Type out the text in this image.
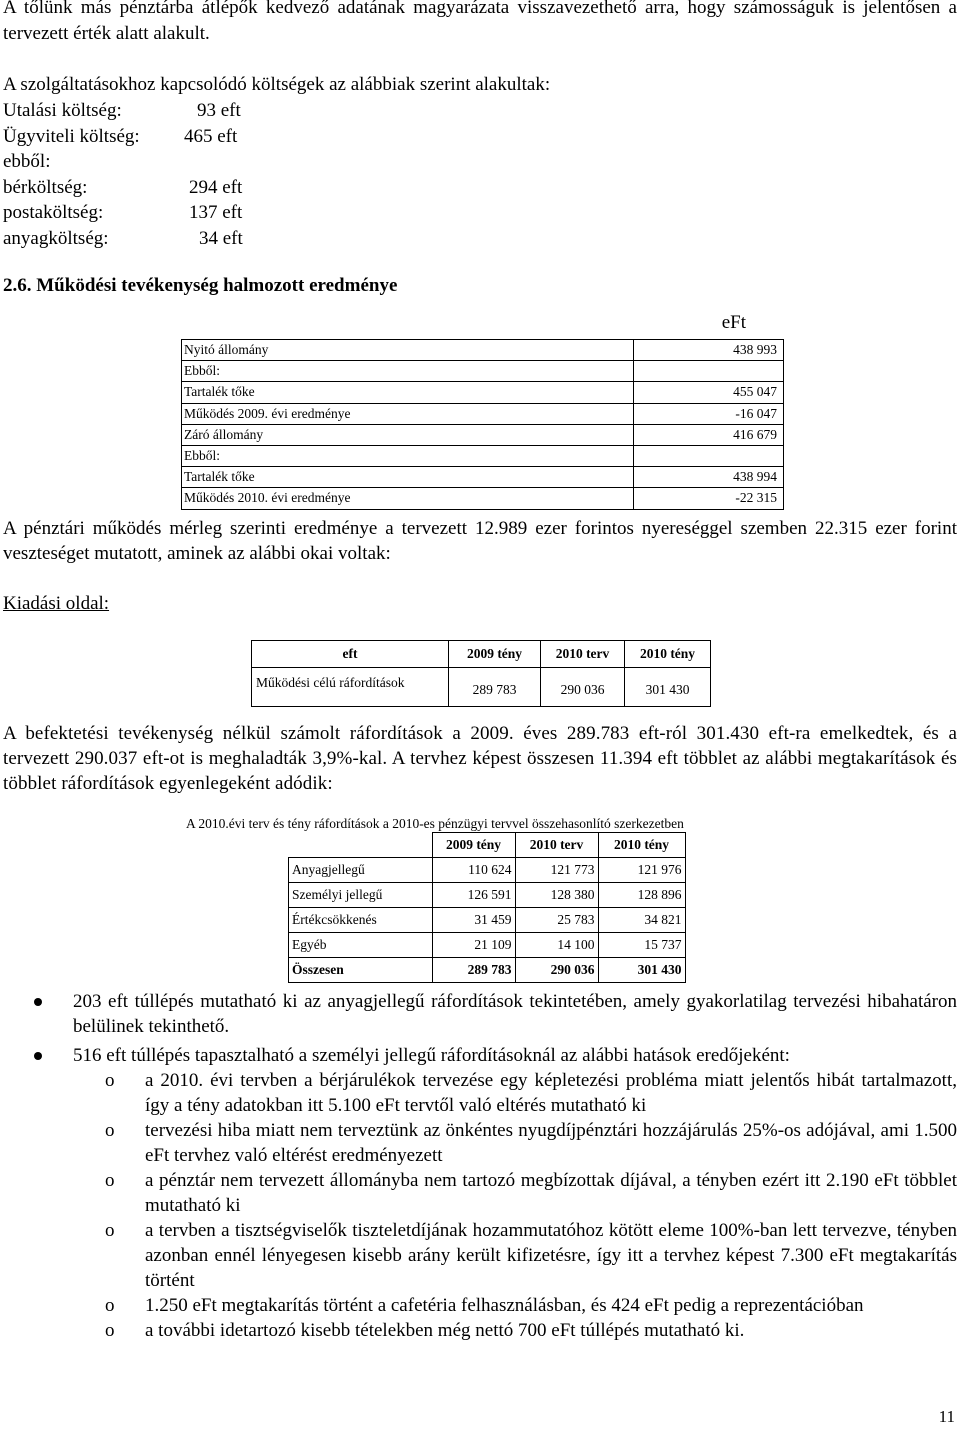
A tőlünk más pénztárba átlépők kedvező adatának magyarázata visszavezethető arra, hogy számosságuk is jelentősen a tervezett érték alatt alakult.

A szolgáltatásokhoz kapcsolódó költségek az alábbiak szerint alakultak:

Utalási költség:	93 eft
Ügyviteli költség: 465 eft
ebből:
bérköltség:	294 eft
postaköltség:	137 eft
anyagköltség:	34 eft
2.6. Működési tevékenység halmozott eredménye
eFt
Nyitó állomány	438 993
Ebből:
Tartalék tőke	455 047
Működés 2009. évi eredménye	-16 047
Záró állomány	416 679
Ebből:
Tartalék tőke	438 994
Működés 2010. évi eredménye	-22 315

A pénztári működés mérleg szerinti eredménye a tervezett 12.989 ezer forintos nyereséggel szemben 22.315 ezer forint veszteséget mutatott, aminek az alábbi okai voltak:

Kiadási oldal:

eft	2009 tény	2010 terv	2010 tény
Működési célú ráfordítások	289 783	290 036	301 430

A befektetési tevékenység nélkül számolt ráfordítások a 2009. éves 289.783 eft-ról 301.430 eft-ra emelkedtek, és a tervezett 290.037 eft-ot is meghaladták 3,9%-kal. A tervhez képest összesen 11.394 eft többlet az alábbi megtakarítások és többlet ráfordítások egyenlegeként adódik:

A 2010.évi terv és tény ráfordítások a 2010-es pénzügyi tervvel összehasonlító szerkezetben
	2009 tény	2010 terv	2010 tény
Anyagjellegű	110 624	121 773	121 976
Személyi jellegű	126 591	128 380	128 896
Értékcsökkenés	31 459	25 783	34 821
Egyéb	21 109	14 100	15 737
Összesen	289 783	290 036	301 430
203 eft túllépés mutatható ki az anyagjellegű ráfordítások tekintetében, amely gyakorlatilag tervezési hibahatáron belülinek tekinthető.
516 eft túllépés tapasztalható a személyi jellegű ráfordításoknál az alábbi hatások eredőjeként:
o a 2010. évi tervben a bérjárulékok tervezése egy képletezési probléma miatt jelentős hibát tartalmazott, így a tény adatokban itt 5.100 eFt tervtől való eltérés mutatható ki
o tervezési hiba miatt nem terveztünk az önkéntes nyugdíjpénztári hozzájárulás 25%-os adójával, ami 1.500 eFt tervhez való eltérést eredményezett
o a pénztár nem tervezett állományba nem tartozó megbízottak díjával, a tényben ezért itt 2.190 eFt többlet mutatható ki
o a tervben a tisztségviselők tiszteletdíjának hozammutatóhoz kötött eleme 100%-ban lett tervezve, tényben azonban ennél lényegesen kisebb arány került kifizetésre, így itt a tervhez képest 7.300 eFt megtakarítás történt
o 1.250 eFt megtakarítás történt a cafetéria felhasználásban, és 424 eFt pedig a reprezentációban
o a további idetartozó kisebb tételekben még nettó 700 eFt túllépés mutatható ki.
11
